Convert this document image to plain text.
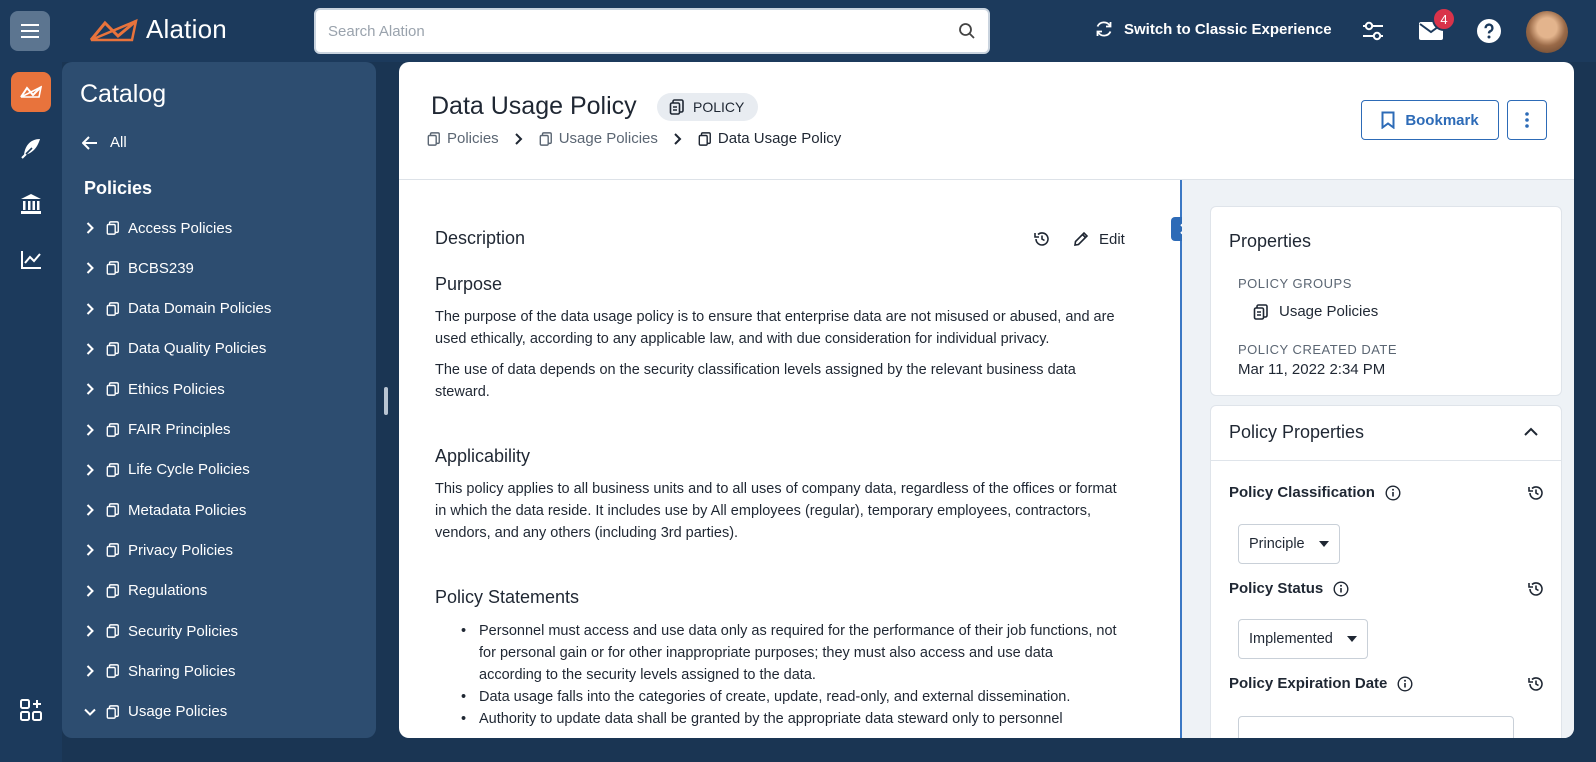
Alation
Search Alation	Switch to Classic Experience
4
Catalog
All
Policies
Access Policies
BCBS239
Data Domain Policies
Data Quality Policies
Ethics Policies
FAIR Principles
Life Cycle Policies
Metadata Policies
Privacy Policies
Regulations
Security Policies
Sharing Policies
Usage Policies
Data Usage Policy	POLICY
Policies	Usage Policies	Data Usage Policy
Bookmark
Description	Edit
Purpose

The purpose of the data usage policy is to ensure that enterprise data are not misused or abused, and are used ethically, according to any applicable law, and with due consideration for individual privacy.

The use of data depends on the security classification levels assigned by the relevant business data steward.

Applicability

This policy applies to all business units and to all uses of company data, regardless of the offices or format in which the data reside. It includes use by All employees (regular), temporary employees, contractors, vendors, and any others (including 3rd parties).

Policy Statements
• Personnel must access and use data only as required for the performance of their job functions, not for personal gain or for other inappropriate purposes; they must also access and use data according to the security levels assigned to the data.
• Data usage falls into the categories of create, update, read-only, and external dissemination.
• Authority to update data shall be granted by the appropriate data steward only to personnel
Properties
POLICY GROUPS
Usage Policies
POLICY CREATED DATE
Mar 11, 2022 2:34 PM
Policy Properties
Policy Classification
Principle
Policy Status
Implemented
Policy Expiration Date
